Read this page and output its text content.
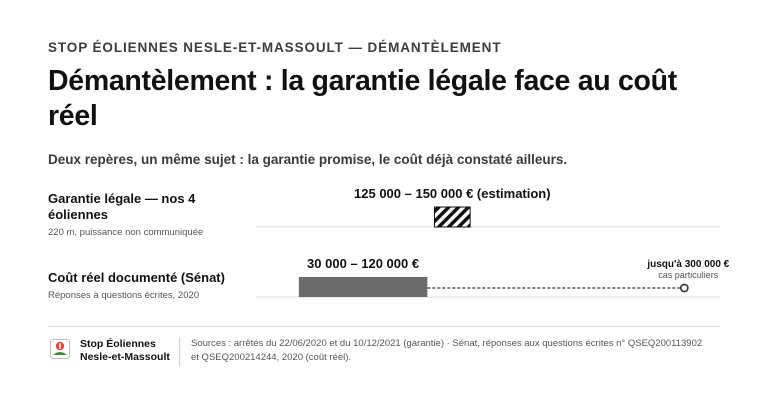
STOP ÉOLIENNES NESLE-ET-MASSOULT — DÉMANTÈLEMENT
Démantèlement : la garantie légale face au coût réel
Deux repères, un même sujet : la garantie promise, le coût déjà constaté ailleurs.
Garantie légale — nos 4 éoliennes
220 m, puissance non communiquée
Coût réel documenté (Sénat)
Réponses à questions écrites, 2020
125 000 – 150 000 € (estimation)
30 000 – 120 000 €	jusqu'à 300 000 €
cas particuliers
Stop Éoliennes
Nesle-et-Massoult
Sources : arrêtés du 22/06/2020 et du 10/12/2021 (garantie) · Sénat, réponses aux questions écrites n° QSEQ200113902 et QSEQ200214244, 2020 (coût réel).
